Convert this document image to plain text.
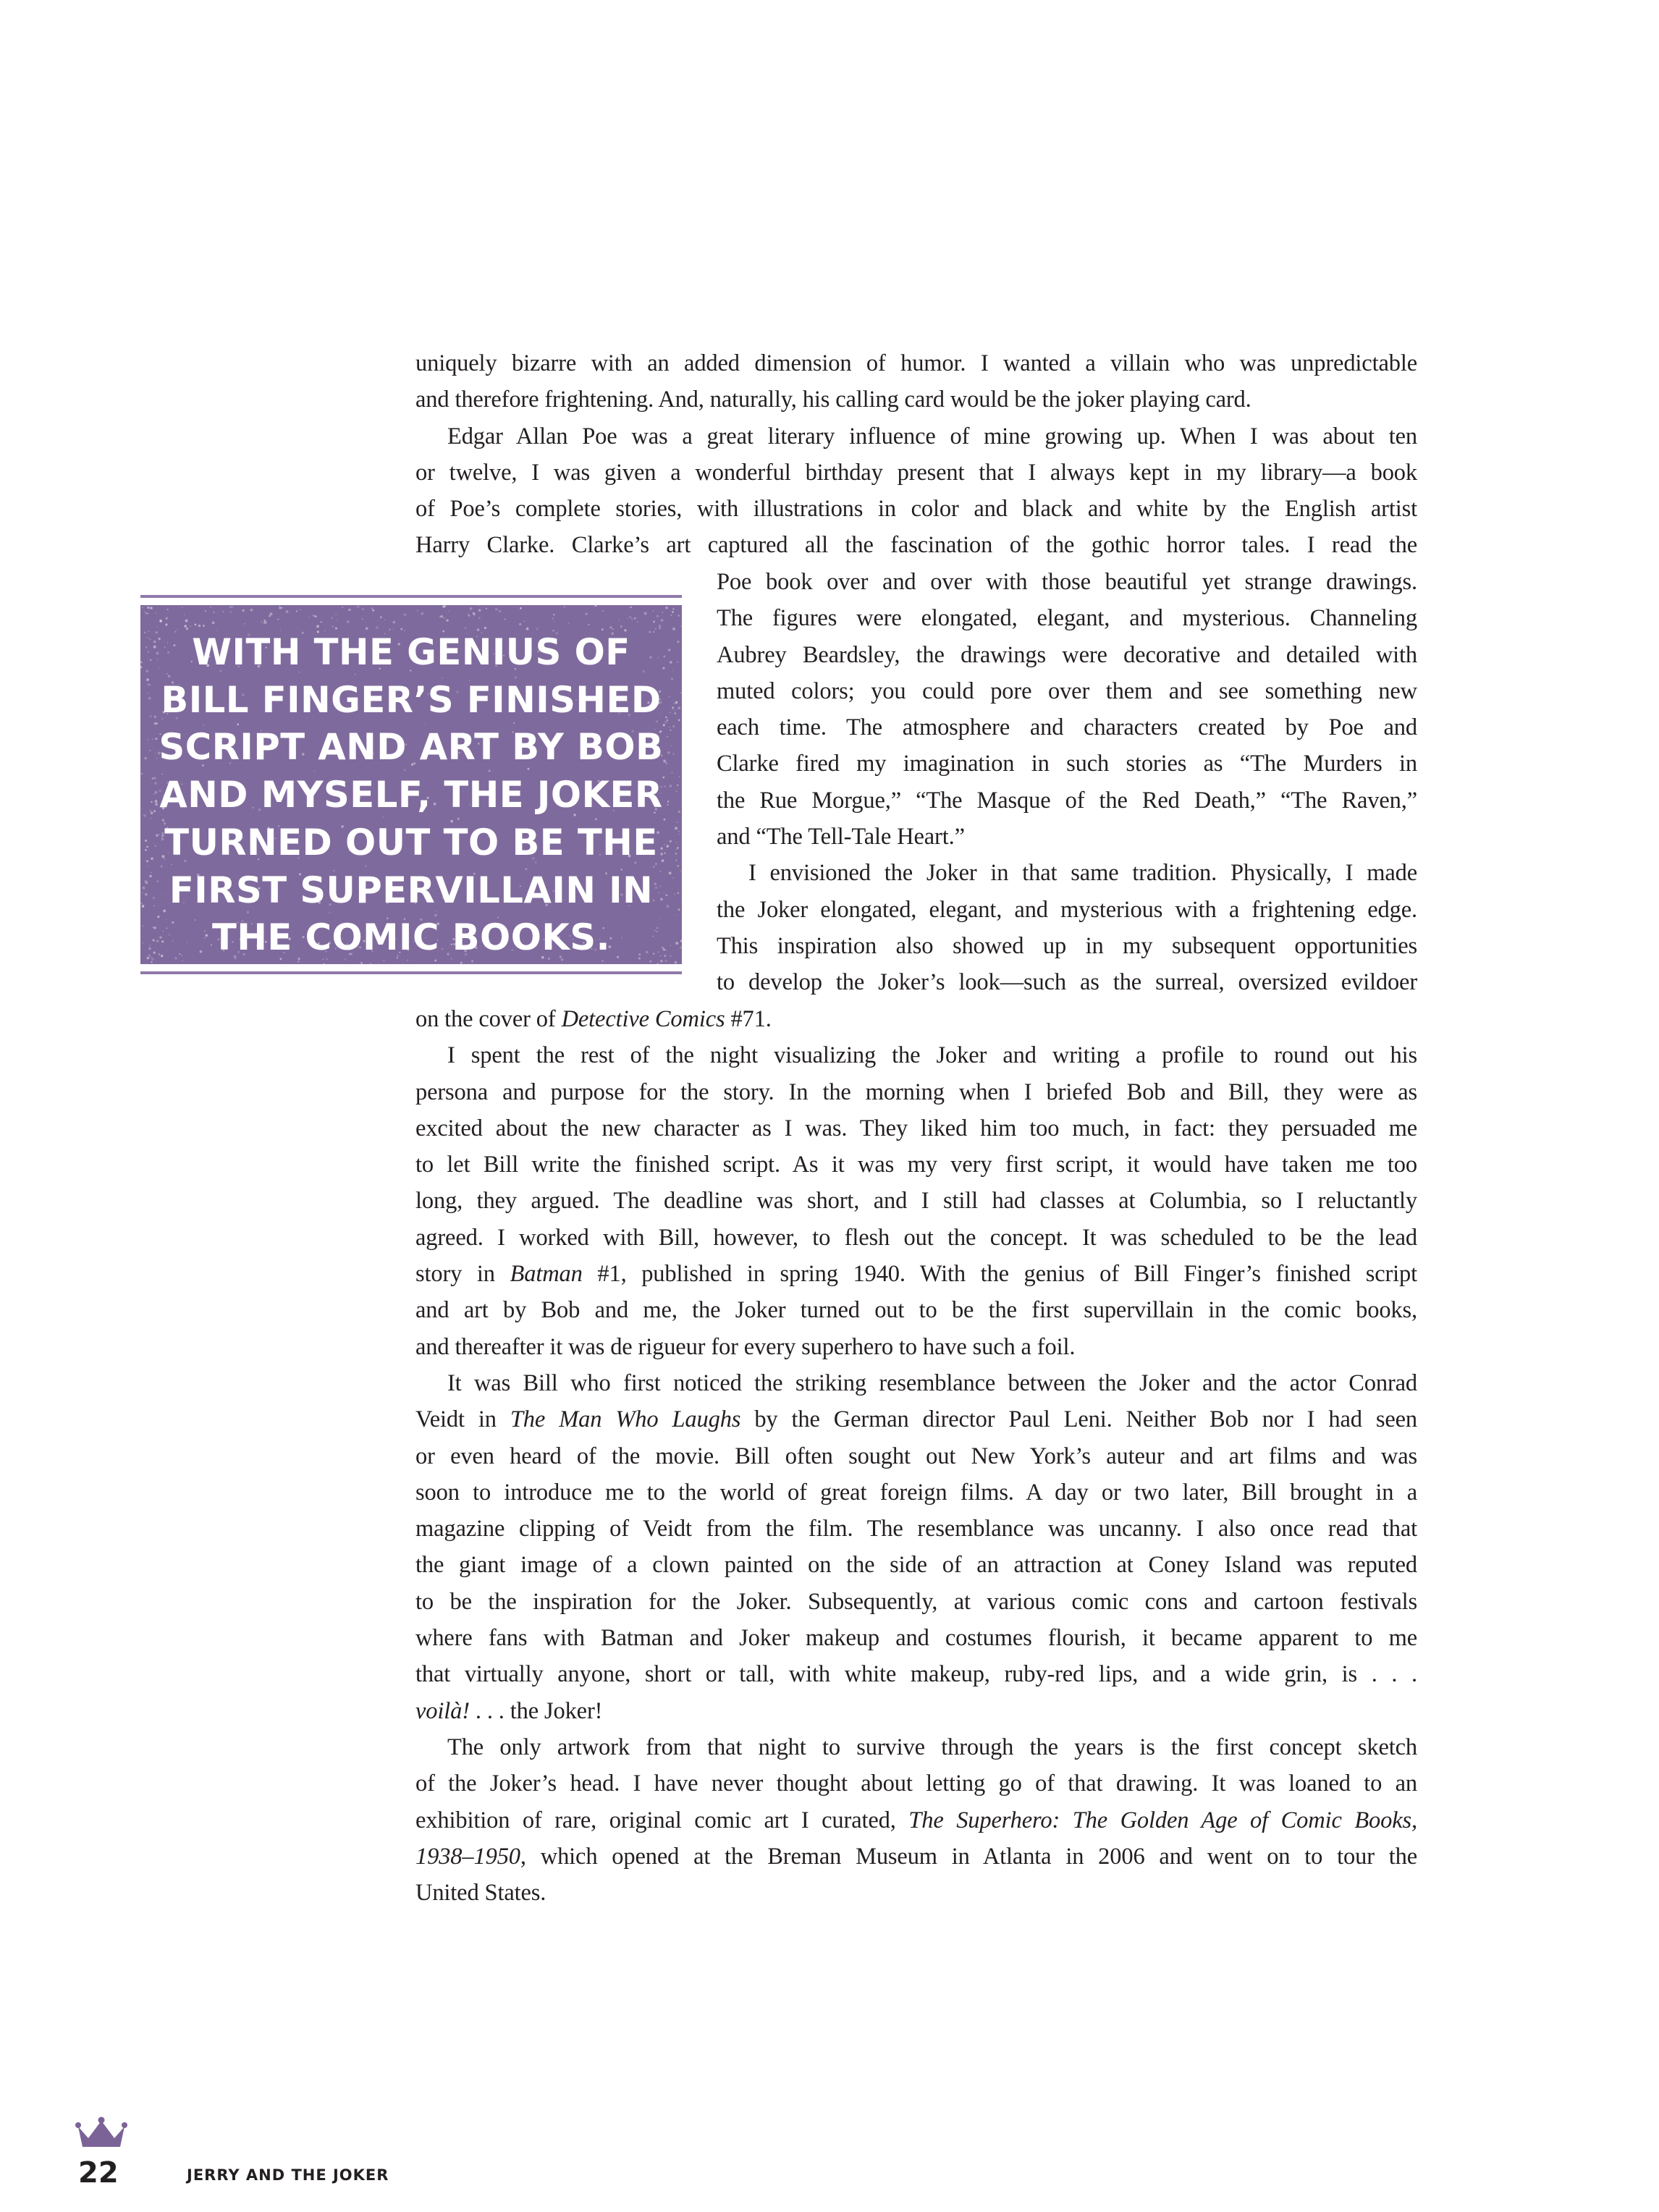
uniquely bizarre with an added dimension of humor. I wanted a villain who was unpredictable
and therefore frightening. And, naturally, his calling card would be the joker playing card.
Edgar Allan Poe was a great literary influence of mine growing up. When I was about ten
or twelve, I was given a wonderful birthday present that I always kept in my library—a book
of Poe’s complete stories, with illustrations in color and black and white by the English artist
Harry Clarke. Clarke’s art captured all the fascination of the gothic horror tales. I read the
WITH THE GENIUS OF
BILL FINGER’S FINISHED
SCRIPT AND ART BY BOB
AND MYSELF, THE JOKER
TURNED OUT TO BE THE
FIRST SUPERVILLAIN IN
THE COMIC BOOKS.
Poe book over and over with those beautiful yet strange drawings.
The figures were elongated, elegant, and mysterious. Channeling
Aubrey Beardsley, the drawings were decorative and detailed with
muted colors; you could pore over them and see something new
each time. The atmosphere and characters created by Poe and
Clarke fired my imagination in such stories as “The Murders in
the Rue Morgue,” “The Masque of the Red Death,” “The Raven,”
and “The Tell-Tale Heart.”
I envisioned the Joker in that same tradition. Physically, I made
the Joker elongated, elegant, and mysterious with a frightening edge.
This inspiration also showed up in my subsequent opportunities
to develop the Joker’s look—such as the surreal, oversized evildoer
on the cover of Detective Comics #71.
I spent the rest of the night visualizing the Joker and writing a profile to round out his
persona and purpose for the story. In the morning when I briefed Bob and Bill, they were as
excited about the new character as I was. They liked him too much, in fact: they persuaded me
to let Bill write the finished script. As it was my very first script, it would have taken me too
long, they argued. The deadline was short, and I still had classes at Columbia, so I reluctantly
agreed. I worked with Bill, however, to flesh out the concept. It was scheduled to be the lead
story in Batman #1, published in spring 1940. With the genius of Bill Finger’s finished script
and art by Bob and me, the Joker turned out to be the first supervillain in the comic books,
and thereafter it was de rigueur for every superhero to have such a foil.
It was Bill who first noticed the striking resemblance between the Joker and the actor Conrad
Veidt in The Man Who Laughs by the German director Paul Leni. Neither Bob nor I had seen
or even heard of the movie. Bill often sought out New York’s auteur and art films and was
soon to introduce me to the world of great foreign films. A day or two later, Bill brought in a
magazine clipping of Veidt from the film. The resemblance was uncanny. I also once read that
the giant image of a clown painted on the side of an attraction at Coney Island was reputed
to be the inspiration for the Joker. Subsequently, at various comic cons and cartoon festivals
where fans with Batman and Joker makeup and costumes flourish, it became apparent to me
that virtually anyone, short or tall, with white makeup, ruby-red lips, and a wide grin, is . . .
voilà! . . . the Joker!
The only artwork from that night to survive through the years is the first concept sketch
of the Joker’s head. I have never thought about letting go of that drawing. It was loaned to an
exhibition of rare, original comic art I curated, The Superhero: The Golden Age of Comic Books,
1938–1950, which opened at the Breman Museum in Atlanta in 2006 and went on to tour the
United States.
22	JERRY AND THE JOKER
